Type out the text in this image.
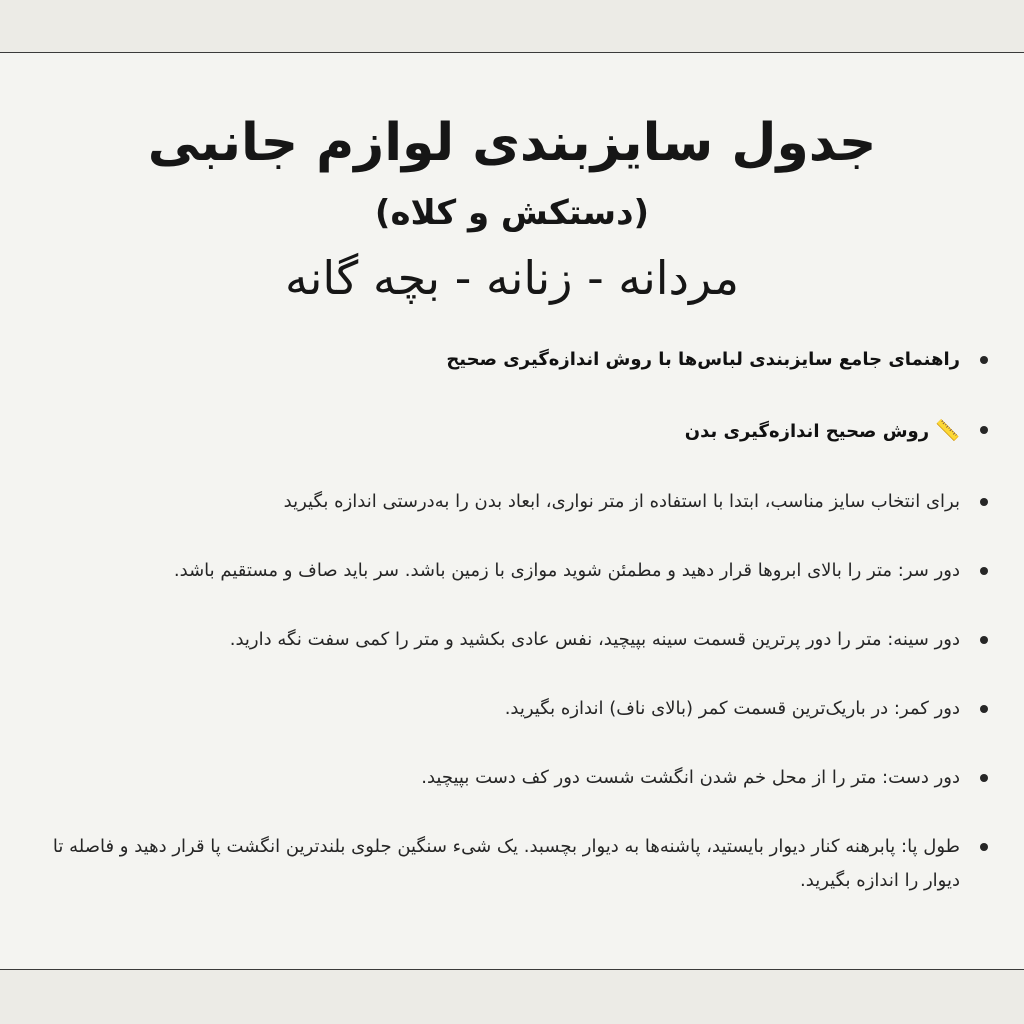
جدول سایزبندی لوازم جانبی
(دستکش و کلاه)
مردانه - زنانه - بچه گانه
راهنمای جامع سایزبندی لباس‌ها با روش اندازه‌گیری صحیح
📏روش صحیح اندازه‌گیری بدن
برای انتخاب سایز مناسب، ابتدا با استفاده از متر نواری، ابعاد بدن را به‌درستی اندازه بگیرید
دور سر: متر را بالای ابروها قرار دهید و مطمئن شوید موازی با زمین باشد. سر باید صاف و مستقیم باشد.
دور سینه: متر را دور پرترین قسمت سینه بپیچید، نفس عادی بکشید و متر را کمی سفت نگه دارید.
دور کمر: در باریک‌ترین قسمت کمر (بالای ناف) اندازه بگیرید.
دور دست: متر را از محل خم شدن انگشت شست دور کف دست بپیچید.
طول پا: پابرهنه کنار دیوار بایستید، پاشنه‌ها به دیوار بچسبد. یک شیء سنگین جلوی بلندترین انگشت پا قرار دهید و فاصله تا دیوار را اندازه بگیرید.
